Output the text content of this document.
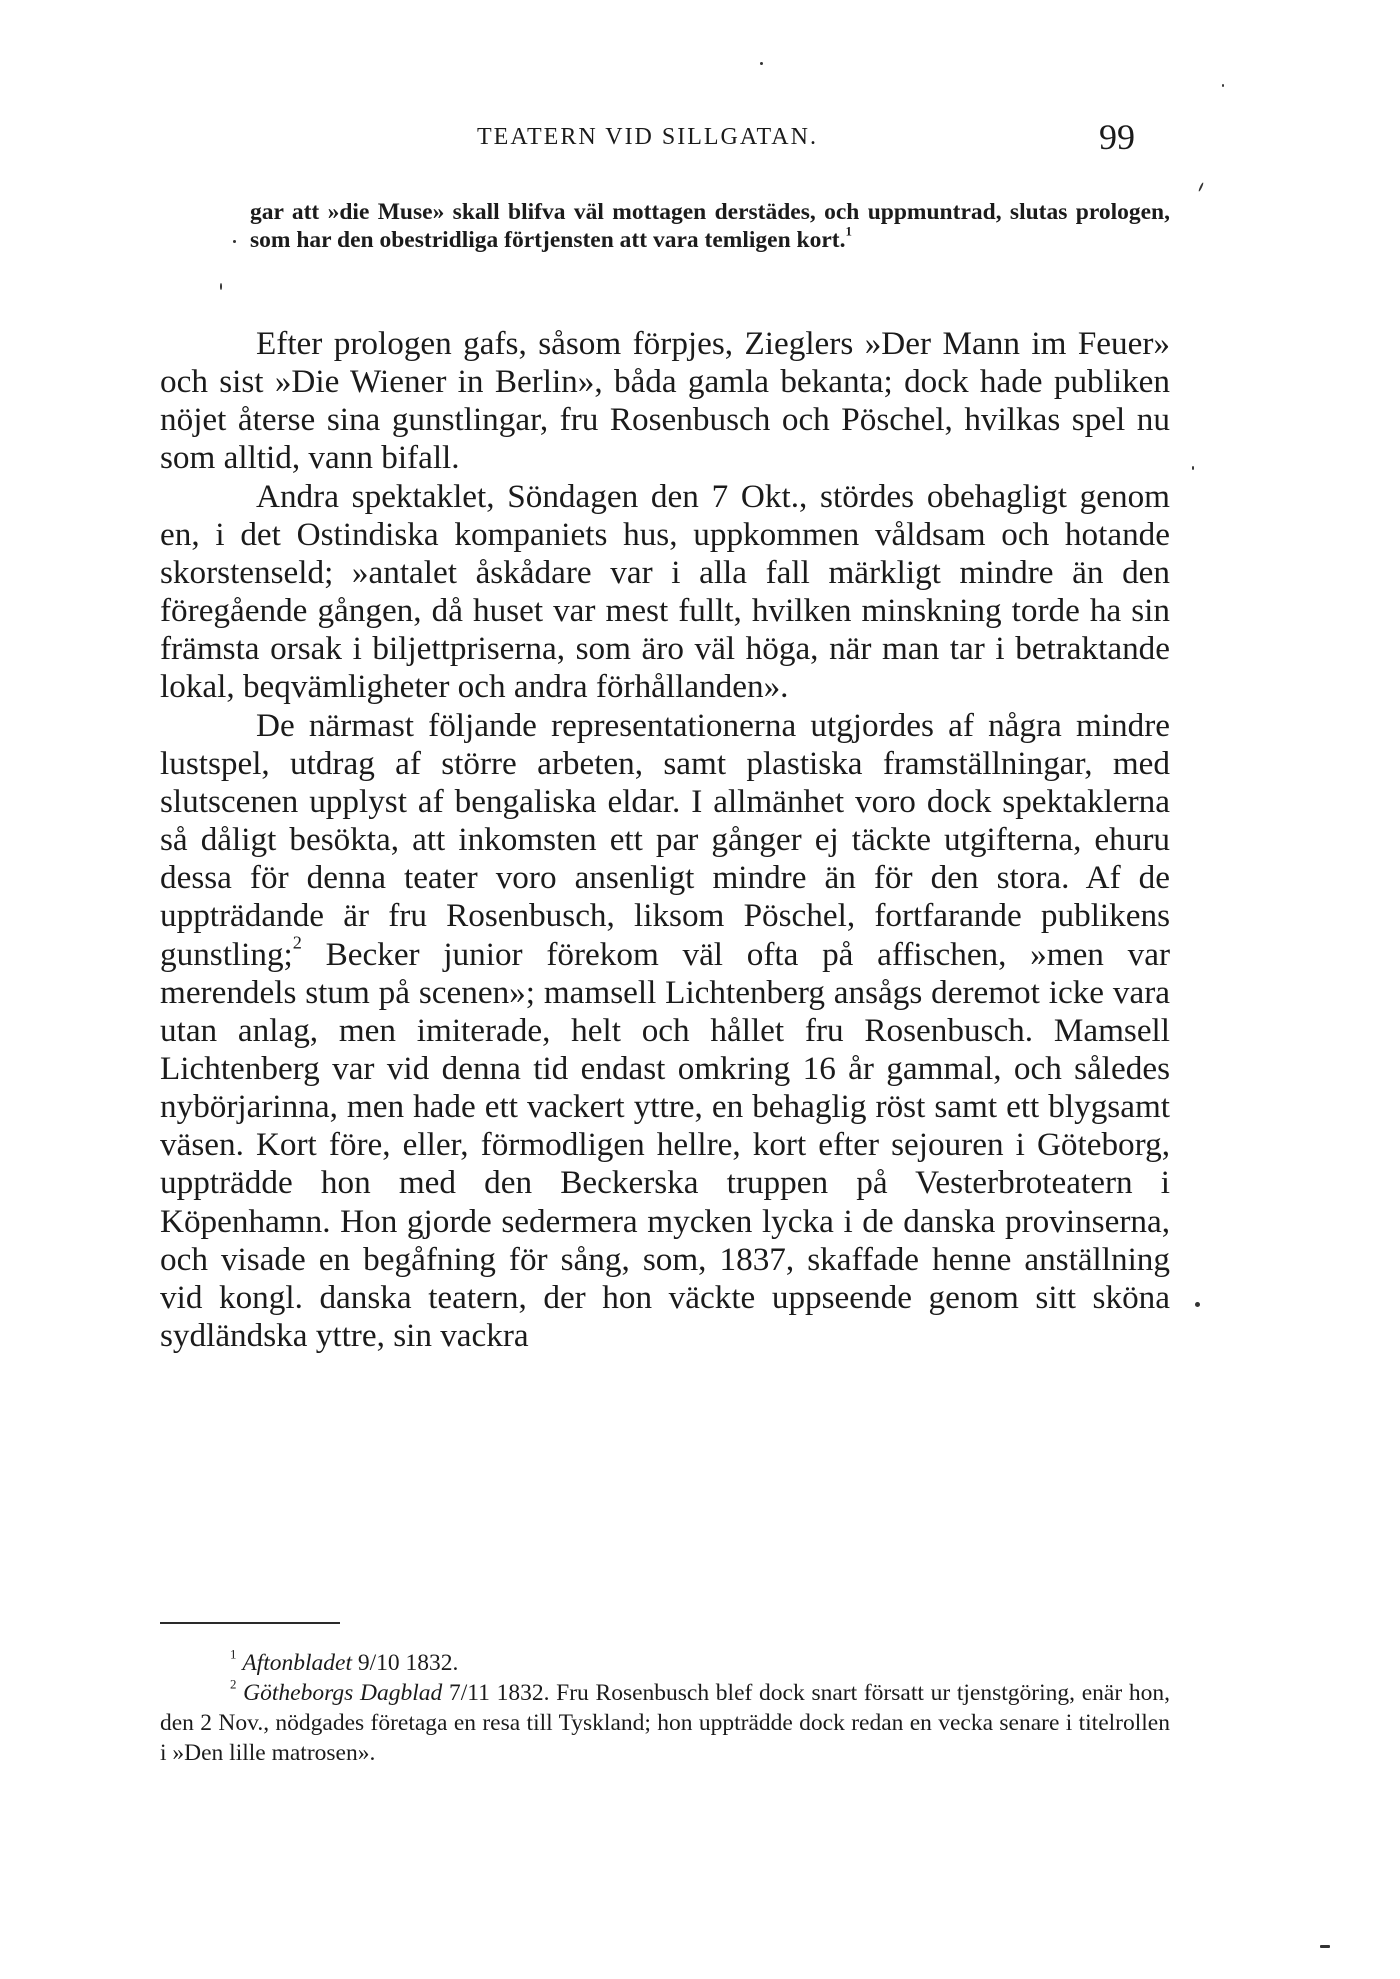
TEATERN VID SILLGATAN.	99

gar att »die Muse» skall blifva väl mottagen derstädes, och uppmuntrad, slutas prologen, som har den obestridliga förtjensten att vara temligen kort.$^1$

Efter prologen gafs, såsom förpjes, Zieglers »Der Mann im Feuer» och sist »Die Wiener in Berlin», båda gamla bekanta; dock hade publiken nöjet återse sina gunstlingar, fru Rosenbusch och Pöschel, hvilkas spel nu som alltid, vann bifall.

Andra spektaklet, Söndagen den 7 Okt., stördes obehagligt genom en, i det Ostindiska kompaniets hus, uppkommen våldsam och hotande skorstenseld; »antalet åskådare var i alla fall märkligt mindre än den föregående gången, då huset var mest fullt, hvilken minskning torde ha sin främsta orsak i biljettpriserna, som äro väl höga, när man tar i betraktande lokal, beqvämligheter och andra förhållanden».

De närmast följande representationerna utgjordes af några mindre lustspel, utdrag af större arbeten, samt plastiska framställningar, med slutscenen upplyst af bengaliska eldar. I allmänhet voro dock spektaklerna så dåligt besökta, att inkomsten ett par gånger ej täckte utgifterna, ehuru dessa för denna teater voro ansenligt mindre än för den stora. Af de uppträdande är fru Rosenbusch, liksom Pöschel, fortfarande publikens gunstling;$^2$ Becker junior förekom väl ofta på affischen, »men var merendels stum på scenen»; mamsell Lichtenberg ansågs deremot icke vara utan anlag, men imiterade, helt och hållet fru Rosenbusch. Mamsell Lichtenberg var vid denna tid endast omkring 16 år gammal, och således nybörjarinna, men hade ett vackert yttre, en behaglig röst samt ett blygsamt väsen. Kort före, eller, förmodligen hellre, kort efter sejouren i Göteborg, uppträdde hon med den Beckerska truppen på Vesterbroteatern i Köpenhamn. Hon gjorde sedermera mycken lycka i de danska provinserna, och visade en begåfning för sång, som, 1837, skaffade henne anställning vid kongl. danska teatern, der hon väckte uppseende genom sitt sköna sydländska yttre, sin vackra

$^1$ Aftonbladet 9/10 1832.

$^2$ Götheborgs Dagblad 7/11 1832. Fru Rosenbusch blef dock snart försatt ur tjenstgöring, enär hon, den 2 Nov., nödgades företaga en resa till Tyskland; hon uppträdde dock redan en vecka senare i titelrollen i »Den lille matrosen».
